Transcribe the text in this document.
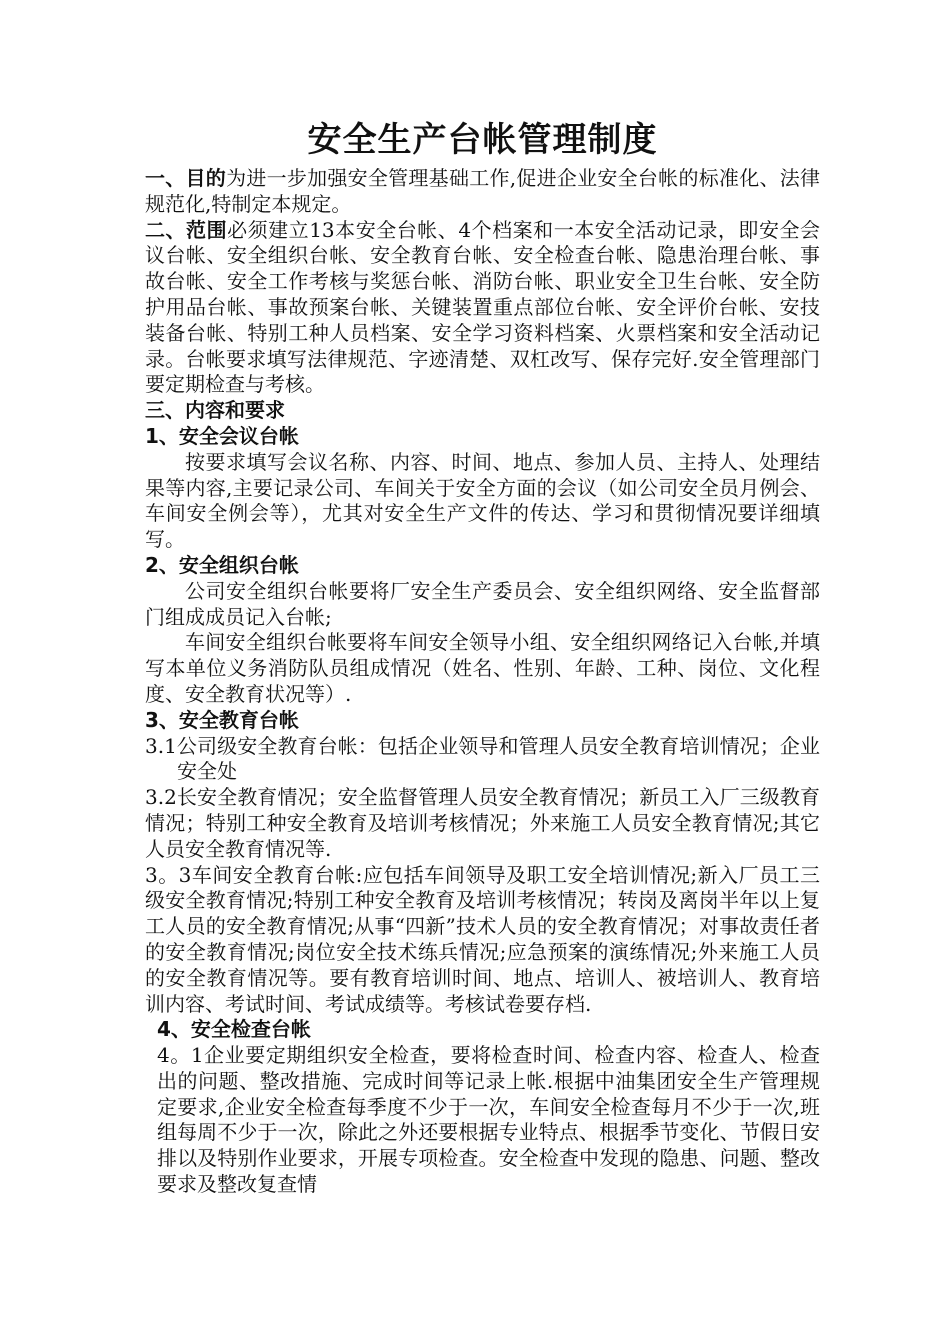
安全生产台帐管理制度

一、目的为进一步加强安全管理基础工作,促进企业安全台帐的标准化、法律规范化,特制定本规定。

二、范围必须建立13本安全台帐、4个档案和一本安全活动记录，即安全会议台帐、安全组织台帐、安全教育台帐、安全检查台帐、隐患治理台帐、事故台帐、安全工作考核与奖惩台帐、消防台帐、职业安全卫生台帐、安全防护用品台帐、事故预案台帐、关键装置重点部位台帐、安全评价台帐、安技装备台帐、特别工种人员档案、安全学习资料档案、火票档案和安全活动记录。台帐要求填写法律规范、字迹清楚、双杠改写、保存完好.安全管理部门要定期检查与考核。

三、内容和要求

1、安全会议台帐

按要求填写会议名称、内容、时间、地点、参加人员、主持人、处理结果等内容,主要记录公司、车间关于安全方面的会议（如公司安全员月例会、车间安全例会等），尤其对安全生产文件的传达、学习和贯彻情况要详细填写。

2、安全组织台帐

公司安全组织台帐要将厂安全生产委员会、安全组织网络、安全监督部门组成成员记入台帐;

车间安全组织台帐要将车间安全领导小组、安全组织网络记入台帐,并填写本单位义务消防队员组成情况（姓名、性别、年龄、工种、岗位、文化程度、安全教育状况等）.

3、安全教育台帐

3.1公司级安全教育台帐：包括企业领导和管理人员安全教育培训情况；企业安全处

3.2长安全教育情况；安全监督管理人员安全教育情况；新员工入厂三级教育情况；特别工种安全教育及培训考核情况；外来施工人员安全教育情况;其它人员安全教育情况等.

3。3车间安全教育台帐:应包括车间领导及职工安全培训情况;新入厂员工三级安全教育情况;特别工种安全教育及培训考核情况；转岗及离岗半年以上复工人员的安全教育情况;从事“四新”技术人员的安全教育情况；对事故责任者的安全教育情况;岗位安全技术练兵情况;应急预案的演练情况;外来施工人员的安全教育情况等。要有教育培训时间、地点、培训人、被培训人、教育培训内容、考试时间、考试成绩等。考核试卷要存档.

4、安全检查台帐

4。1企业要定期组织安全检查，要将检查时间、检查内容、检查人、检查出的问题、整改措施、完成时间等记录上帐.根据中油集团安全生产管理规定要求,企业安全检查每季度不少于一次，车间安全检查每月不少于一次,班组每周不少于一次，除此之外还要根据专业特点、根据季节变化、节假日安排以及特别作业要求，开展专项检查。安全检查中发现的隐患、问题、整改要求及整改复查情
